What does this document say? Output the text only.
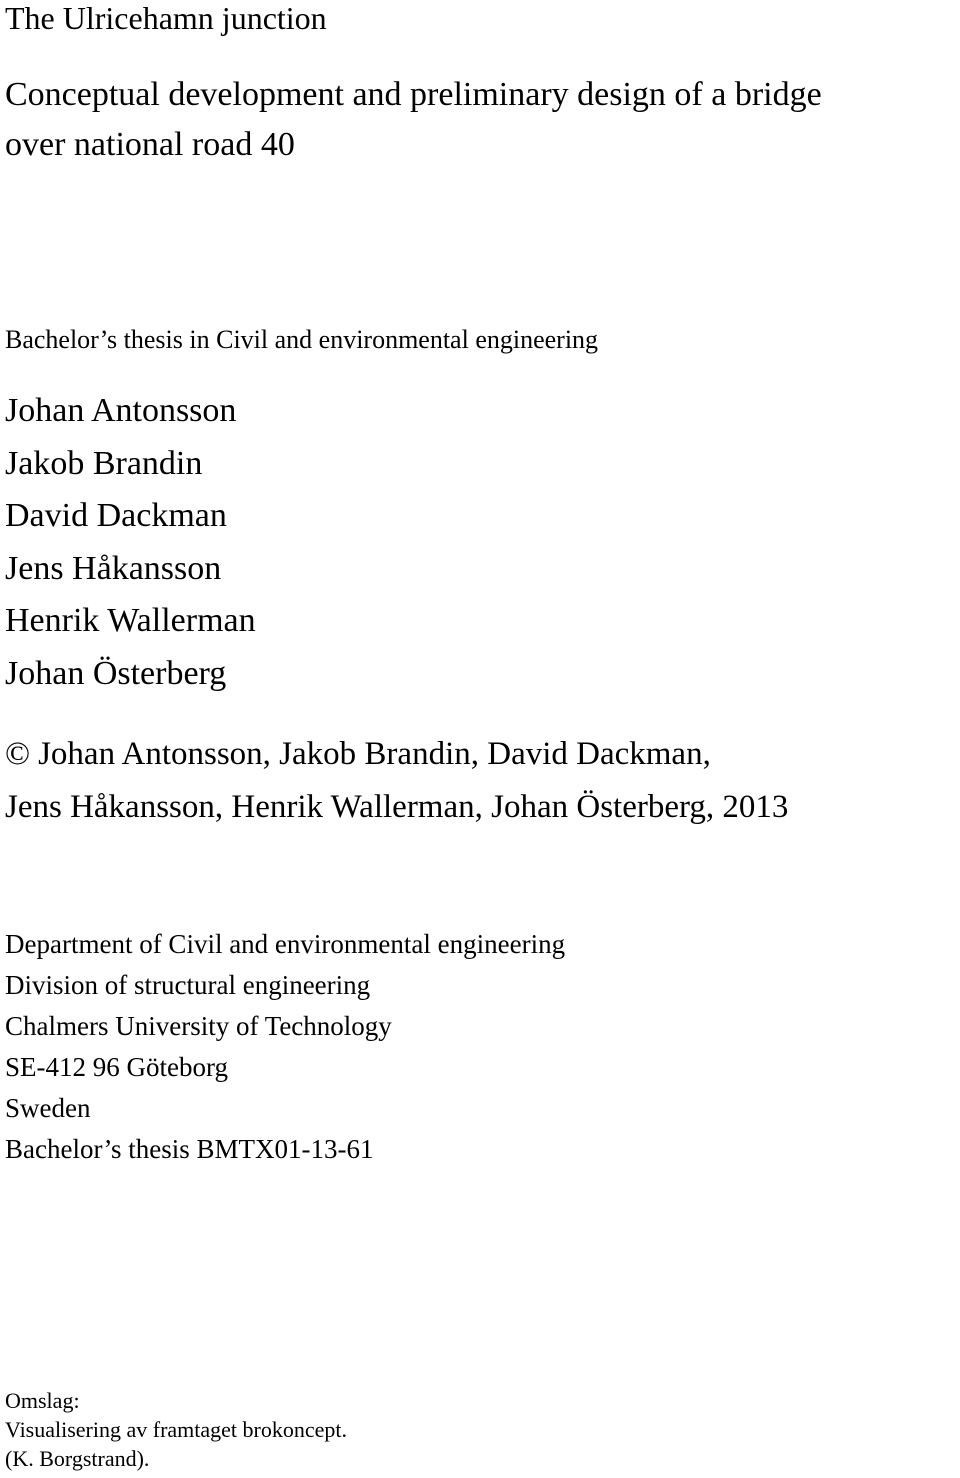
The Ulricehamn junction
Conceptual development and preliminary design of a bridge
over national road 40
Bachelor’s thesis in Civil and environmental engineering
Johan Antonsson
Jakob Brandin
David Dackman
Jens Håkansson
Henrik Wallerman
Johan Österberg
© Johan Antonsson, Jakob Brandin, David Dackman,
Jens Håkansson, Henrik Wallerman, Johan Österberg, 2013
Department of Civil and environmental engineering
Division of structural engineering
Chalmers University of Technology
SE-412 96 Göteborg
Sweden
Bachelor’s thesis BMTX01-13-61
Omslag:
Visualisering av framtaget brokoncept.
(K. Borgstrand).
